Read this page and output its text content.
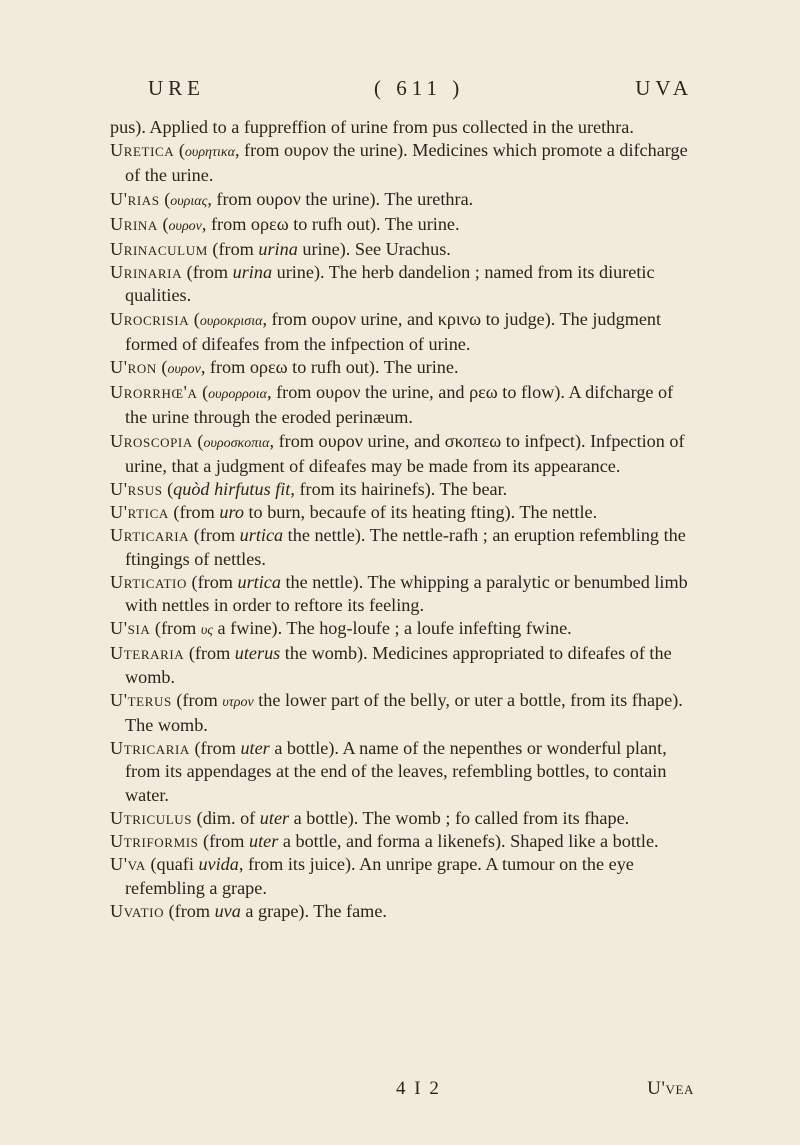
URE	( 611 )	UVA

pus). Applied to a fuppreffion of urine from pus collected in the urethra.

Uretica (ουρητικα, from ουρον the urine). Medicines which promote a difcharge of the urine.

U'rias (ουριας, from ουρον the urine). The urethra.

Urina (ουρον, from ορεω to rufh out). The urine.

Urinaculum (from urina urine). See Urachus.

Urinaria (from urina urine). The herb dandelion ; named from its diuretic qualities.

Urocrisia (ουροκρισια, from ουρον urine, and κρινω to judge). The judgment formed of difeafes from the infpection of urine.

U'ron (ουρον, from ορεω to rufh out). The urine.

Urorrhœ'a (ουρορροια, from ουρον the urine, and ρεω to flow). A difcharge of the urine through the eroded perinæum.

Uroscopia (ουροσκοπια, from ουρον urine, and σκοπεω to infpect). Infpection of urine, that a judgment of difeafes may be made from its appearance.

U'rsus (quòd hirfutus fit, from its hairinefs). The bear.

U'rtica (from uro to burn, becaufe of its heating fting). The nettle.

Urticaria (from urtica the nettle). The nettle-rafh ; an eruption refembling the ftingings of nettles.

Urticatio (from urtica the nettle). The whipping a paralytic or benumbed limb with nettles in order to reftore its feeling.

U'sia (from υς a fwine). The hog-loufe ; a loufe infefting fwine.

Uteraria (from uterus the womb). Medicines appropriated to difeafes of the womb.

U'terus (from υτρον the lower part of the belly, or uter a bottle, from its fhape). The womb.

Utricaria (from uter a bottle). A name of the nepenthes or wonderful plant, from its appendages at the end of the leaves, refembling bottles, to contain water.

Utriculus (dim. of uter a bottle). The womb ; fo called from its fhape.

Utriformis (from uter a bottle, and forma a likenefs). Shaped like a bottle.

U'va (quafi uvida, from its juice). An unripe grape. A tumour on the eye refembling a grape.

Uvatio (from uva a grape). The fame.

4 I 2	U'vea
